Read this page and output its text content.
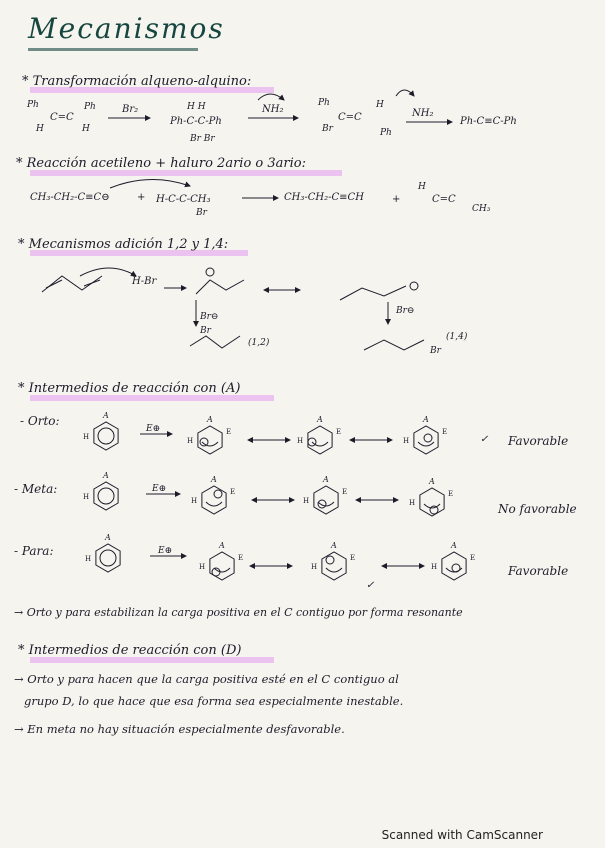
Mecanismos
* Transformación alqueno-alquino:
Ph
H
C=C
Ph
H
Br₂	H H
Ph-C-C-Ph
Br Br
NH₂
Ph
Br
C=C
H
Ph
NH₂
Ph-C≡C-Ph
* Reacción acetileno + haluro 2ario o 3ario:
CH₃-CH₂-C≡C⊖	+ H-C-C-CH₃
Br
CH₃-CH₂-C≡CH	+	C=C
H
CH₃
* Mecanismos adición 1,2 y 1,4:
H-Br
Br⊖
Br⊖
Br
(1,2)
(1,4)
Br
* Intermedios de reacción con (A)
- Orto:
- Meta:
- Para:
E⊕
E⊕
E⊕
✓ Favorable
No favorable
Favorable
✓
→ Orto y para estabilizan la carga positiva en el C contiguo por forma resonante
* Intermedios de reacción con (D)
→ Orto y para hacen que la carga positiva esté en el C contiguo al
grupo D, lo que hace que esa forma sea especialmente inestable.
→ En meta no hay situación especialmente desfavorable.
Scanned with CamScanner
A
H
A
H
E
A
H
E
A
H
E
A
H
A
H
E
A
H
E
A
H
E
A
H
A
H
E
A
H
E
A
H
E
